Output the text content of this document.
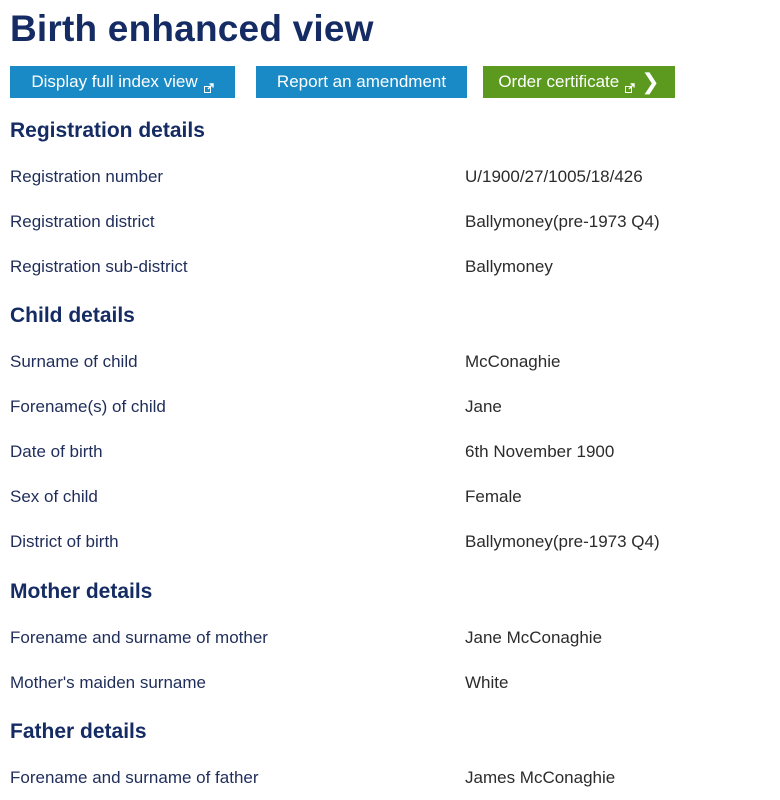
Birth enhanced view
Display full index view	Report an amendment	Order certificate ❯
Registration details
Registration number	U/1900/27/1005/18/426
Registration district	Ballymoney(pre-1973 Q4)
Registration sub-district	Ballymoney
Child details
Surname of child	McConaghie
Forename(s) of child	Jane
Date of birth	6th November 1900
Sex of child	Female
District of birth	Ballymoney(pre-1973 Q4)
Mother details
Forename and surname of mother	Jane McConaghie
Mother's maiden surname	White
Father details
Forename and surname of father	James McConaghie
